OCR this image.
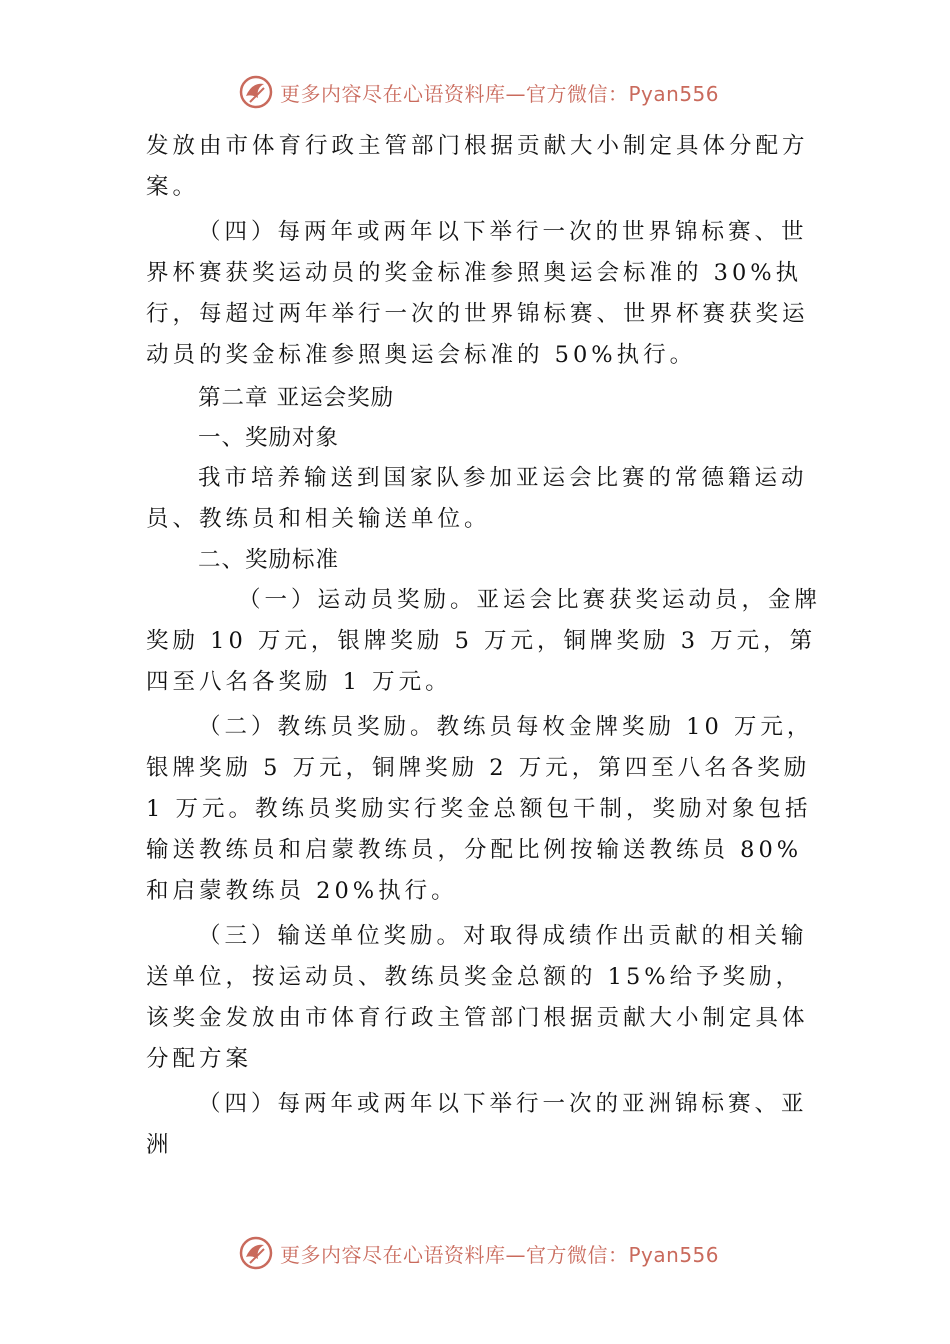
更多内容尽在心语资料库—官方微信：Pyan556

发放由市体育行政主管部门根据贡献大小制定具体分配方案。

（四）每两年或两年以下举行一次的世界锦标赛、世界杯赛获奖运动员的奖金标准参照奥运会标准的 30%执行，每超过两年举行一次的世界锦标赛、世界杯赛获奖运动员的奖金标准参照奥运会标准的 50%执行。

第二章 亚运会奖励

一、奖励对象

我市培养输送到国家队参加亚运会比赛的常德籍运动员、教练员和相关输送单位。

二、奖励标准

（一）运动员奖励。亚运会比赛获奖运动员，金牌奖励 10 万元，银牌奖励 5 万元，铜牌奖励 3 万元，第四至八名各奖励 1 万元。

（二）教练员奖励。教练员每枚金牌奖励 10 万元，银牌奖励 5 万元，铜牌奖励 2 万元，第四至八名各奖励 1 万元。教练员奖励实行奖金总额包干制，奖励对象包括输送教练员和启蒙教练员，分配比例按输送教练员 80%和启蒙教练员 20%执行。

（三）输送单位奖励。对取得成绩作出贡献的相关输送单位，按运动员、教练员奖金总额的 15%给予奖励，该奖金发放由市体育行政主管部门根据贡献大小制定具体分配方案

（四）每两年或两年以下举行一次的亚洲锦标赛、亚洲

更多内容尽在心语资料库—官方微信：Pyan556
